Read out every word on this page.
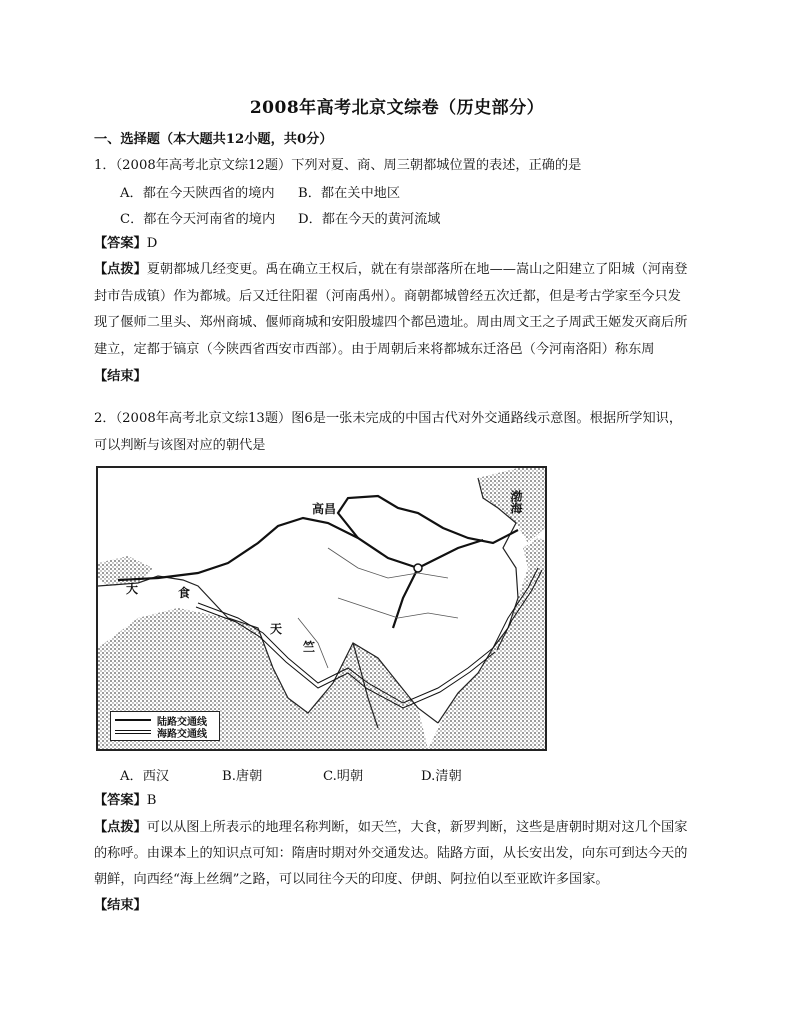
2008年高考北京文综卷（历史部分）
一、选择题（本大题共12小题，共0分）
1．（2008年高考北京文综12题）下列对夏、商、周三朝都城位置的表述，正确的是
A．都在今天陕西省的境内 B．都在关中地区
C．都在今天河南省的境内 D．都在今天的黄河流域
【答案】D
【点拨】夏朝都城几经变更。禹在确立王权后，就在有崇部落所在地——嵩山之阳建立了阳城（河南登
封市告成镇）作为都城。后又迁往阳翟（河南禹州）。商朝都城曾经五次迁都，但是考古学家至今只发
现了偃师二里头、郑州商城、偃师商城和安阳殷墟四个都邑遗址。周由周文王之子周武王姬发灭商后所
建立，定都于镐京（今陕西省西安市西部）。由于周朝后来将都城东迁洛邑（今河南洛阳）称东周
【结束】
2．（2008年高考北京文综13题）图6是一张未完成的中国古代对外交通路线示意图。根据所学知识，
可以判断与该图对应的朝代是
高昌
大	食
天
竺
渤海
陆路交通线
海路交通线
A．西汉	B.唐朝	C.明朝	D.清朝
【答案】B
【点拨】可以从图上所表示的地理名称判断，如天竺，大食，新罗判断，这些是唐朝时期对这几个国家
的称呼。由课本上的知识点可知：隋唐时期对外交通发达。陆路方面，从长安出发，向东可到达今天的
朝鲜，向西经“海上丝绸”之路，可以同往今天的印度、伊朗、阿拉伯以至亚欧许多国家。
【结束】
